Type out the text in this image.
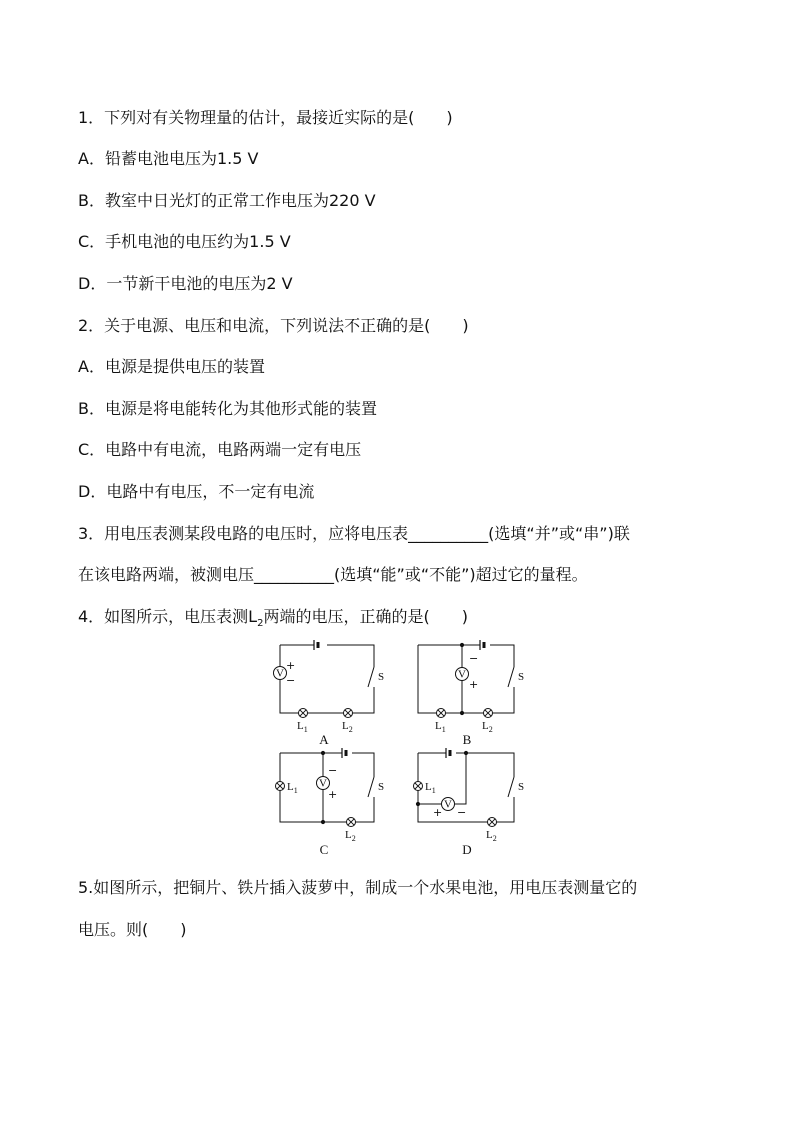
1．下列对有关物理量的估计，最接近实际的是(　　)
A．铅蓄电池电压为1.5 V
B．教室中日光灯的正常工作电压为220 V
C．手机电池的电压约为1.5 V
D．一节新干电池的电压为2 V
2．关于电源、电压和电流，下列说法不正确的是(　　)
A．电源是提供电压的装置
B．电源是将电能转化为其他形式能的装置
C．电路中有电流，电路两端一定有电压
D．电路中有电压，不一定有电流
3．用电压表测某段电路的电压时，应将电压表__________(选填“并”或“串”)联
在该电路两端，被测电压__________(选填“能”或“不能”)超过它的量程。
4．如图所示，电压表测$L_2$两端的电压，正确的是(　　)
V
+
−	S
$L_1$	$L_2$
A
V
−
+
S
$L_1$	$L_2$
B
$L_1$
V
−
+
S
$L_2$
C
$L_1$
V
+ −
S
$L_2$
D
5.如图所示，把铜片、铁片插入菠萝中，制成一个水果电池，用电压表测量它的
电压。则(　　)
